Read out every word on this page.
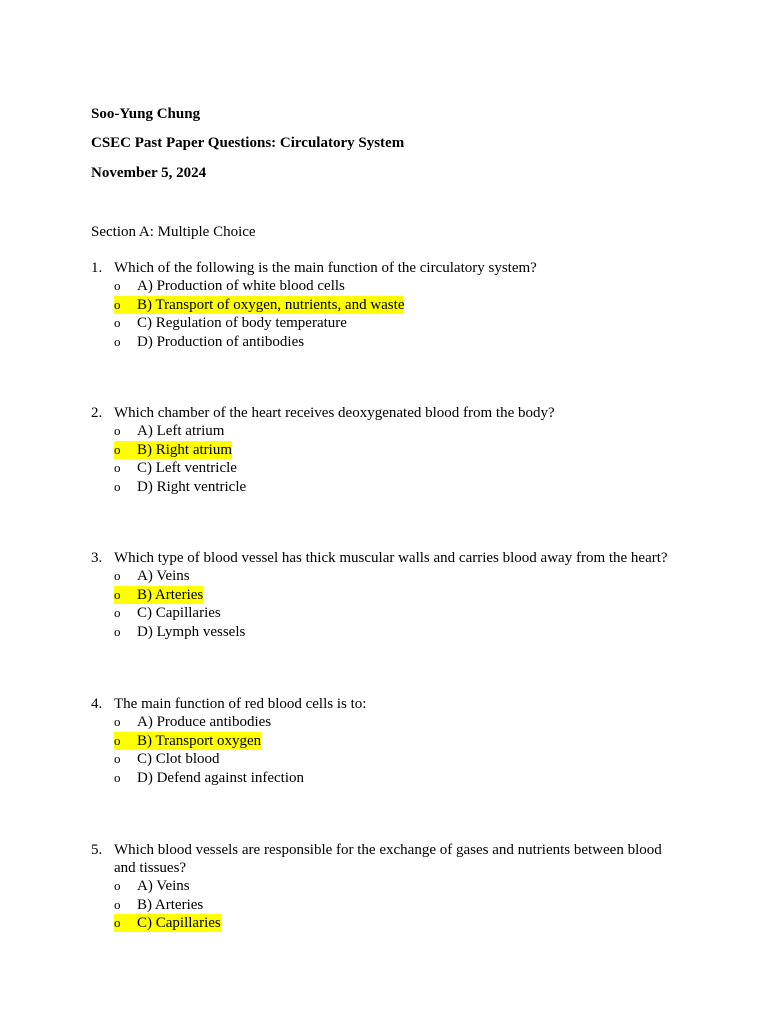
Soo-Yung Chung
CSEC Past Paper Questions: Circulatory System
November 5, 2024
Section A: Multiple Choice
1. Which of the following is the main function of the circulatory system?
o A) Production of white blood cells
o B) Transport of oxygen, nutrients, and waste
o C) Regulation of body temperature
o D) Production of antibodies
2. Which chamber of the heart receives deoxygenated blood from the body?
o A) Left atrium
o B) Right atrium
o C) Left ventricle
o D) Right ventricle
3. Which type of blood vessel has thick muscular walls and carries blood away from the heart?
o A) Veins
o B) Arteries
o C) Capillaries
o D) Lymph vessels
4. The main function of red blood cells is to:
o A) Produce antibodies
o B) Transport oxygen
o C) Clot blood
o D) Defend against infection
5. Which blood vessels are responsible for the exchange of gases and nutrients between blood and tissues?
o A) Veins
o B) Arteries
o C) Capillaries
